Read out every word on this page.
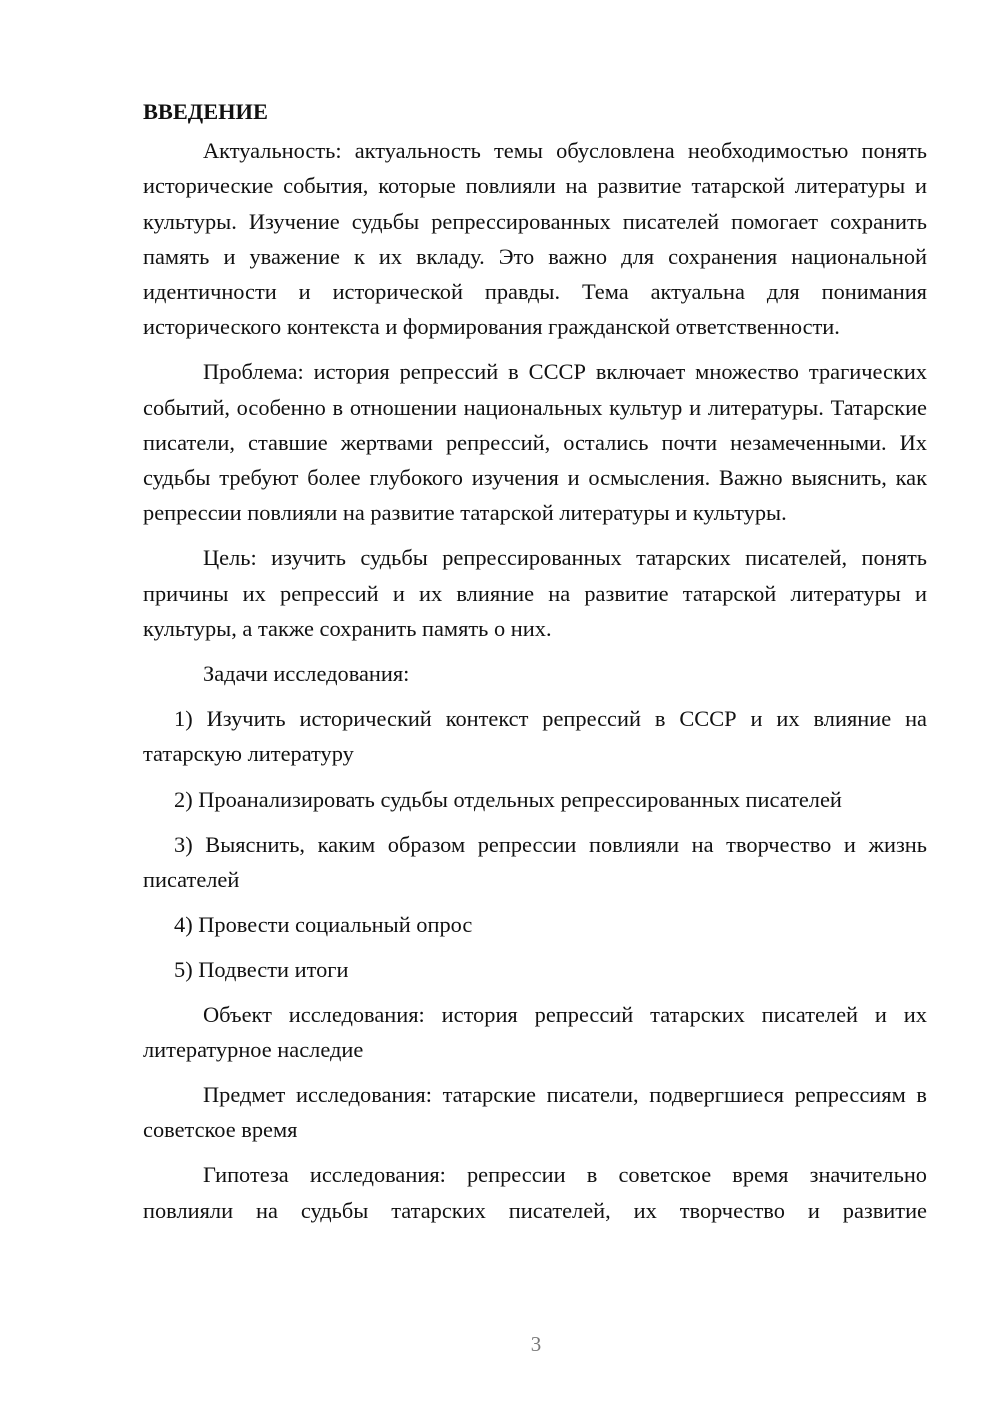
ВВЕДЕНИЕ

Актуальность: актуальность темы обусловлена необходимостью понять исторические события, которые повлияли на развитие татарской литературы и культуры. Изучение судьбы репрессированных писателей помогает сохранить память и уважение к их вкладу. Это важно для сохранения национальной идентичности и исторической правды. Тема актуальна для понимания исторического контекста и формирования гражданской ответственности.

Проблема: история репрессий в СССР включает множество трагических событий, особенно в отношении национальных культур и литературы. Татарские писатели, ставшие жертвами репрессий, остались почти незамеченными. Их судьбы требуют более глубокого изучения и осмысления. Важно выяснить, как репрессии повлияли на развитие татарской литературы и культуры.

Цель: изучить судьбы репрессированных татарских писателей, понять причины их репрессий и их влияние на развитие татарской литературы и культуры, а также сохранить память о них.

Задачи исследования:

1) Изучить исторический контекст репрессий в СССР и их влияние на татарскую литературу

2) Проанализировать судьбы отдельных репрессированных писателей

3) Выяснить, каким образом репрессии повлияли на творчество и жизнь писателей

4) Провести социальный опрос

5) Подвести итоги

Объект исследования: история репрессий татарских писателей и их литературное наследие

Предмет исследования: татарские писатели, подвергшиеся репрессиям в советское время

Гипотеза исследования: репрессии в советское время значительно повлияли на судьбы татарских писателей, их творчество и развитие

3
